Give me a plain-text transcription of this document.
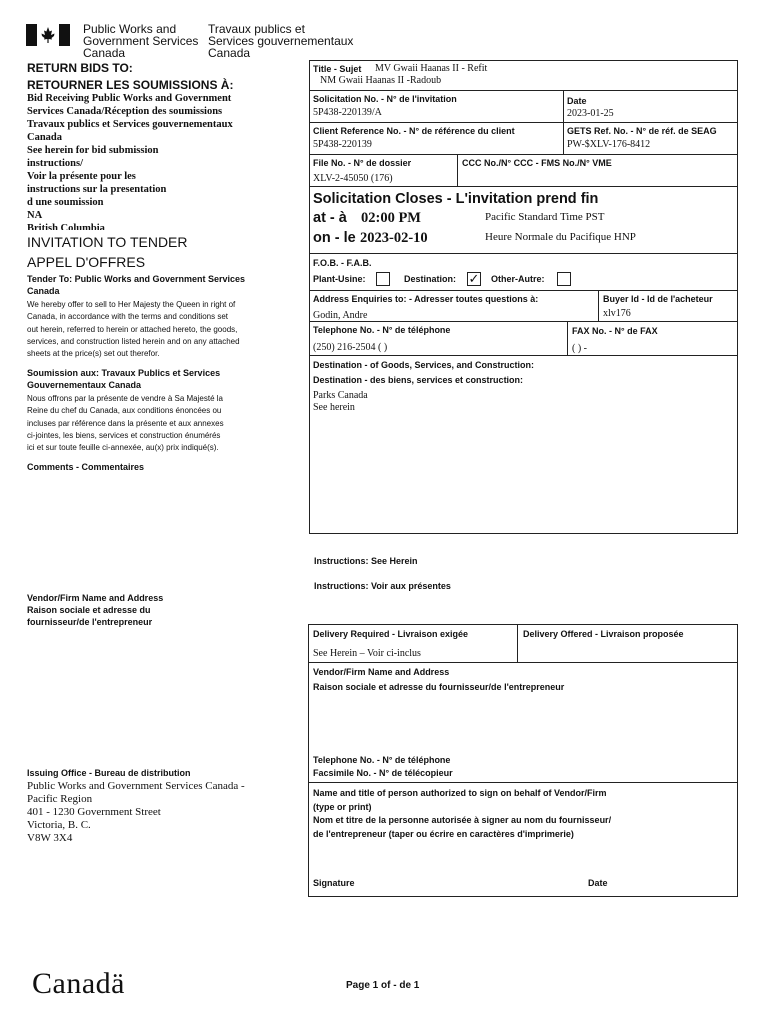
Public Works and
Government Services
Canada
Travaux publics et
Services gouvernementaux
Canada
RETURN BIDS TO:
RETOURNER LES SOUMISSIONS À:
Bid Receiving Public Works and Government
Services Canada/Réception des soumissions
Travaux publics et Services gouvernementaux
Canada
See herein for bid submission
instructions/
Voir la présente pour les
instructions sur la presentation
d une soumission
NA
British Columbia
INVITATION TO TENDER
APPEL D'OFFRES
Tender To: Public Works and Government Services
Canada
We hereby offer to sell to Her Majesty the Queen in right of
Canada, in accordance with the terms and conditions set
out herein, referred to herein or attached hereto, the goods,
services, and construction listed herein and on any attached
sheets at the price(s) set out therefor.
Soumission aux: Travaux Publics et Services
Gouvernementaux Canada
Nous offrons par la présente de vendre à Sa Majesté la
Reine du chef du Canada, aux conditions énoncées ou
incluses par référence dans la présente et aux annexes
ci-jointes, les biens, services et construction énumérés
ici et sur toute feuille ci-annexée, au(x) prix indiqué(s).
Comments - Commentaires
Vendor/Firm Name and Address
Raison sociale et adresse du
fournisseur/de l'entrepreneur
Issuing Office - Bureau de distribution
Public Works and Government Services Canada -
Pacific Region
401 - 1230 Government Street
Victoria, B. C.
V8W 3X4
Title - Sujet MV Gwaii Haanas II - Refit
NM Gwaii Haanas II -Radoub
Solicitation No. - N° de l'invitation
5P438-220139/A
Date
2023-01-25
Client Reference No. - N° de référence du client
5P438-220139
GETS Ref. No. - N° de réf. de SEAG
PW-$XLV-176-8412
File No. - N° de dossier
XLV-2-45050 (176)
CCC No./N° CCC - FMS No./N° VME
Solicitation Closes - L'invitation prend fin
at - à 02:00 PM	Pacific Standard Time PST
on - le 2023-02-10	Heure Normale du Pacifique HNP
F.O.B. - F.A.B.
Plant-Usine:	Destination: ✓ Other-Autre:
Address Enquiries to: - Adresser toutes questions à:
Godin, Andre
Buyer Id - Id de l'acheteur
xlv176
Telephone No. - N° de téléphone
(250) 216-2504 ( )
FAX No. - N° de FAX
( ) -
Destination - of Goods, Services, and Construction:
Destination - des biens, services et construction:
Parks Canada
See herein
Instructions: See Herein
Instructions: Voir aux présentes
Delivery Required - Livraison exigée
See Herein – Voir ci-inclus
Delivery Offered - Livraison proposée
Vendor/Firm Name and Address
Raison sociale et adresse du fournisseur/de l'entrepreneur
Telephone No. - N° de téléphone
Facsimile No. - N° de télécopieur
Name and title of person authorized to sign on behalf of Vendor/Firm
(type or print)
Nom et titre de la personne autorisée à signer au nom du fournisseur/
de l'entrepreneur (taper ou écrire en caractères d'imprimerie)
Signature	Date
Canadä	Page 1 of - de 1
